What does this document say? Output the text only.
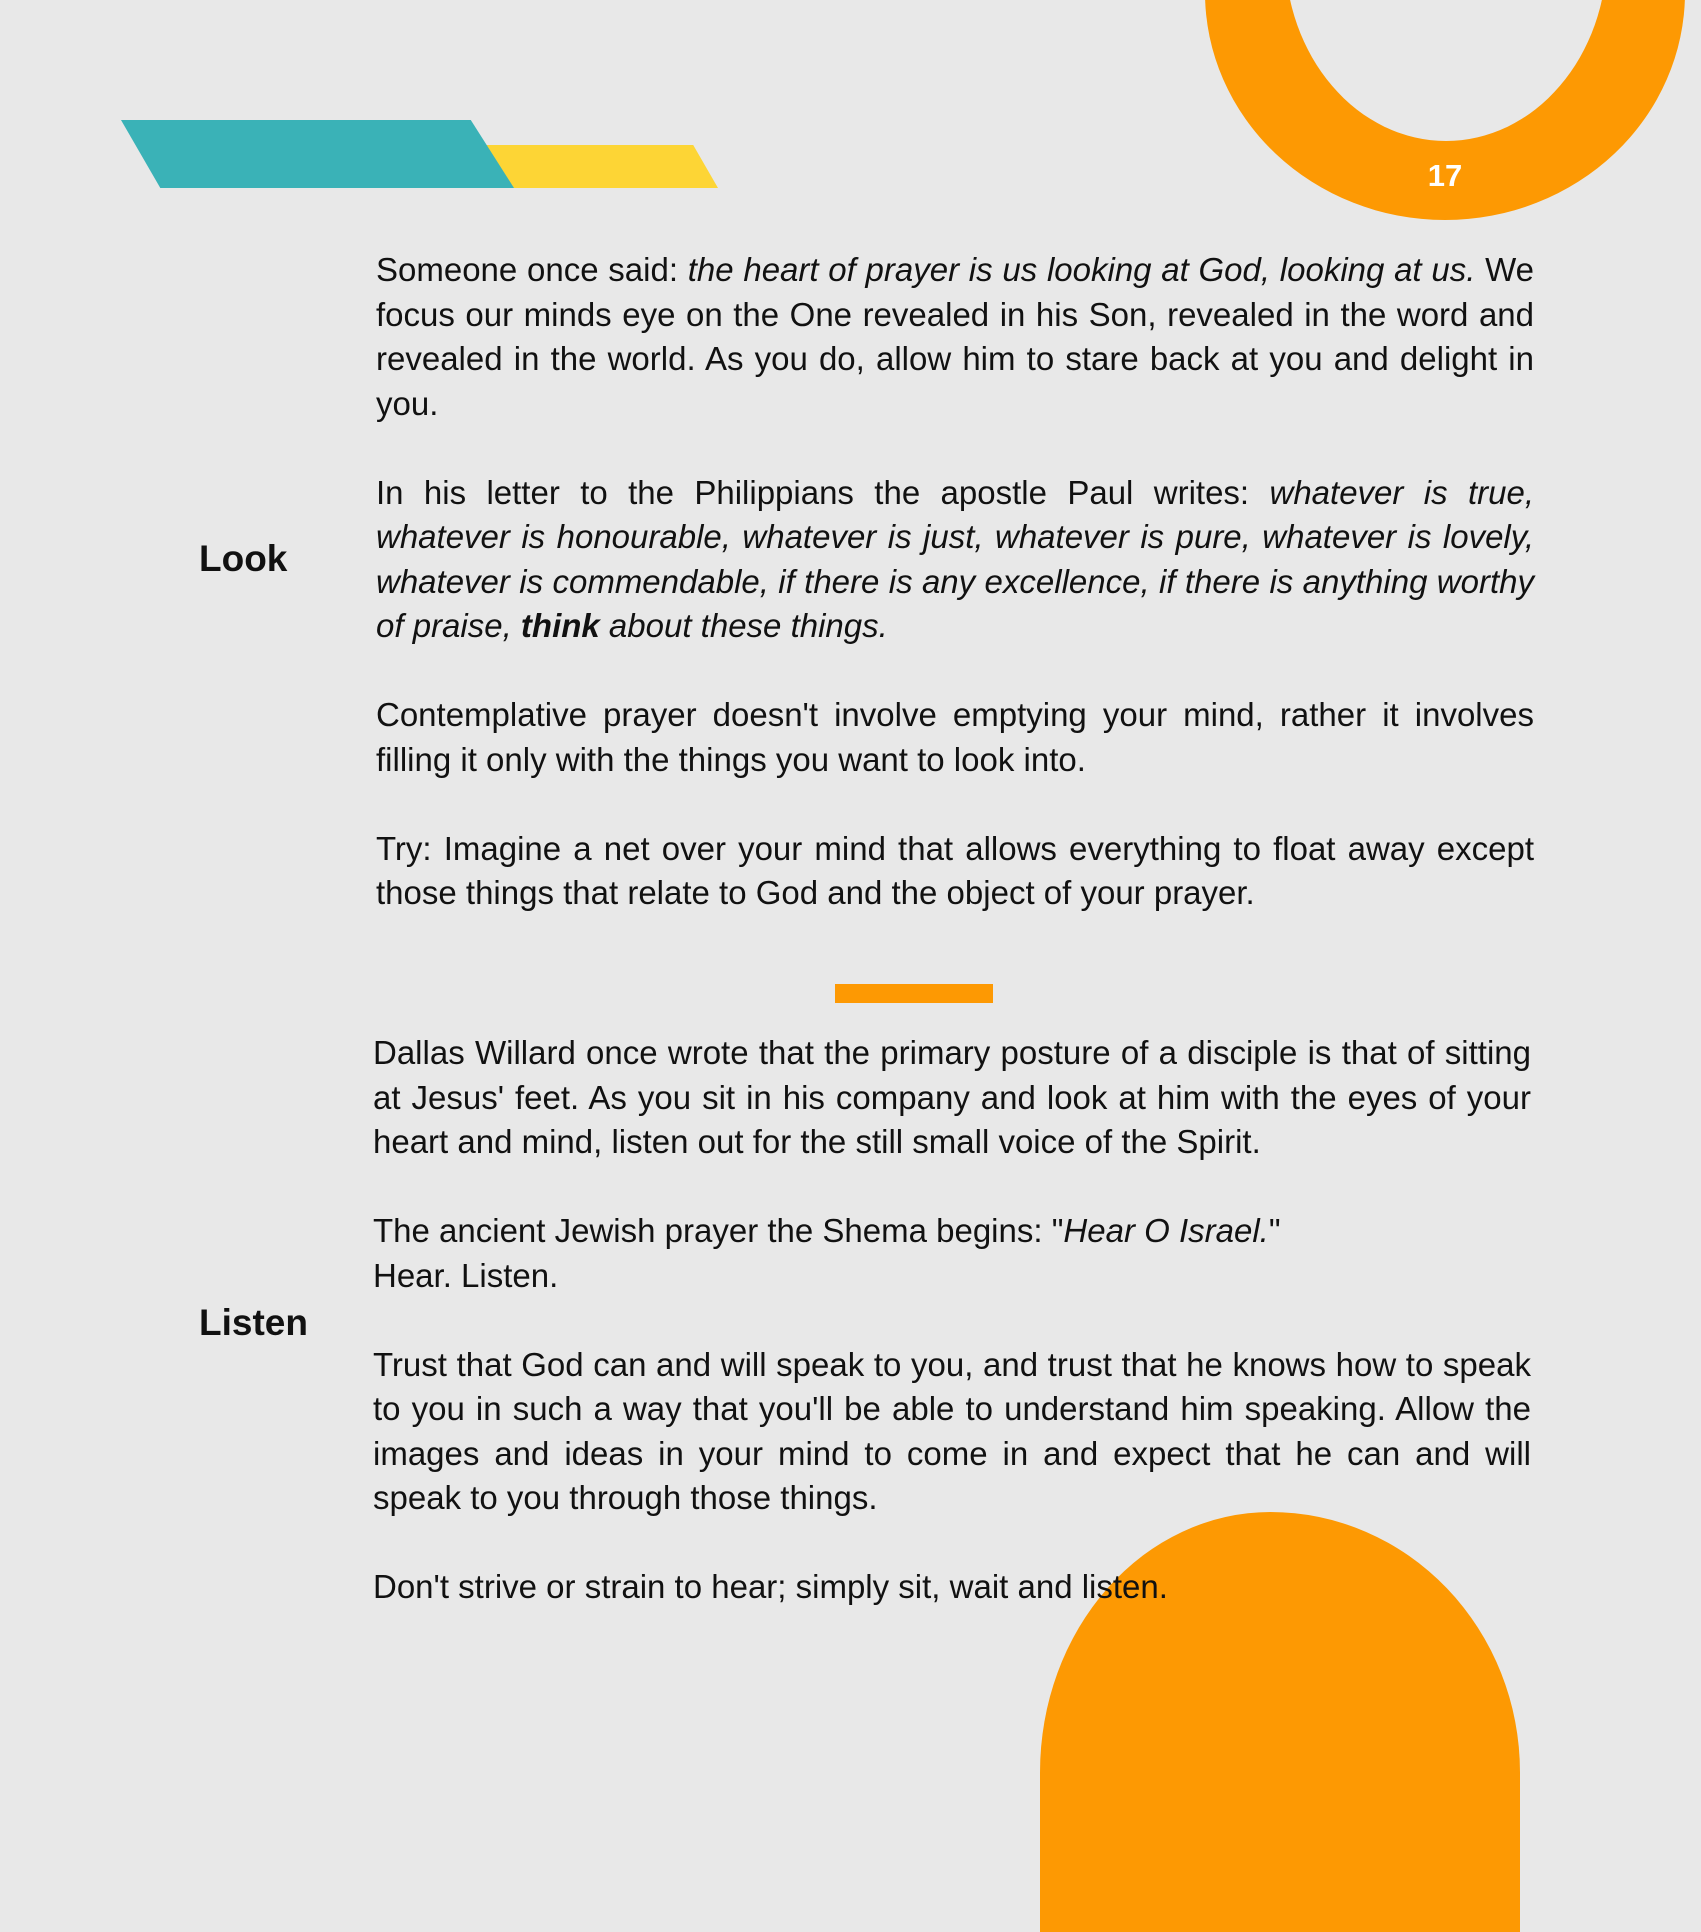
17
Look

Someone once said: the heart of prayer is us looking at God, looking at us. We focus our minds eye on the One revealed in his Son, revealed in the word and revealed in the world. As you do, allow him to stare back at you and delight in you.

In his letter to the Philippians the apostle Paul writes: whatever is true, whatever is honourable, whatever is just, whatever is pure, whatever is lovely, whatever is commendable, if there is any excellence, if there is anything worthy of praise, think about these things.

Contemplative prayer doesn't involve emptying your mind, rather it involves filling it only with the things you want to look into.

Try: Imagine a net over your mind that allows everything to float away except those things that relate to God and the object of your prayer.

Listen

Dallas Willard once wrote that the primary posture of a disciple is that of sitting at Jesus' feet. As you sit in his company and look at him with the eyes of your heart and mind, listen out for the still small voice of the Spirit.

The ancient Jewish prayer the Shema begins: "Hear O Israel."
Hear. Listen.

Trust that God can and will speak to you, and trust that he knows how to speak to you in such a way that you'll be able to understand him speaking. Allow the images and ideas in your mind to come in and expect that he can and will speak to you through those things.

Don't strive or strain to hear; simply sit, wait and listen.
